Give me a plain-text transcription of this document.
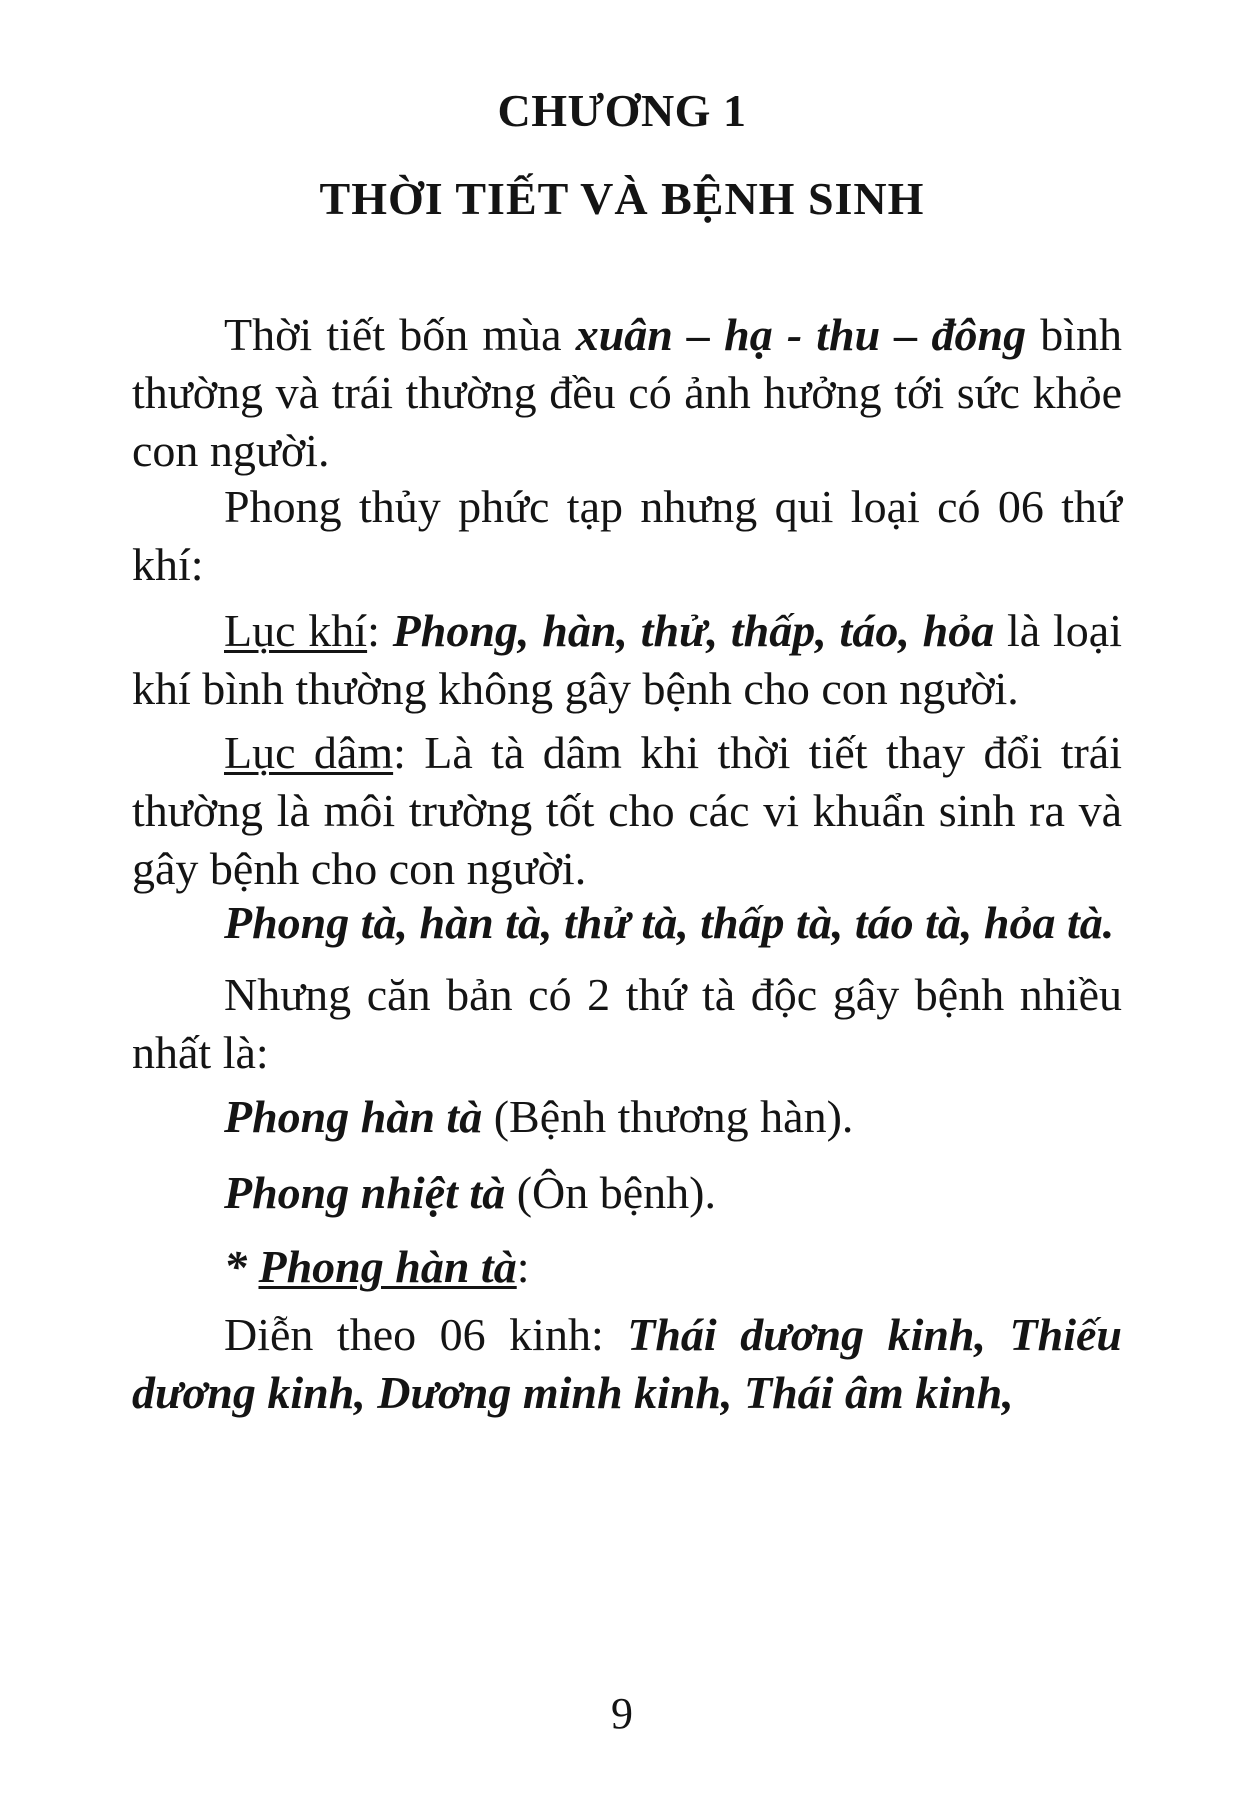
CHƯƠNG 1
THỜI TIẾT VÀ BỆNH SINH

Thời tiết bốn mùa xuân – hạ - thu – đông bình thường và trái thường đều có ảnh hưởng tới sức khỏe con người.

Phong thủy phức tạp nhưng qui loại có 06 thứ khí:

Lục khí: Phong, hàn, thử, thấp, táo, hỏa là loại khí bình thường không gây bệnh cho con người.

Lục dâm: Là tà dâm khi thời tiết thay đổi trái thường là môi trường tốt cho các vi khuẩn sinh ra và gây bệnh cho con người.

Phong tà, hàn tà, thử tà, thấp tà, táo tà, hỏa tà.

Nhưng căn bản có 2 thứ tà độc gây bệnh nhiều nhất là:

Phong hàn tà (Bệnh thương hàn).

Phong nhiệt tà (Ôn bệnh).

* Phong hàn tà:

Diễn theo 06 kinh: Thái dương kinh, Thiếu dương kinh, Dương minh kinh, Thái âm kinh,

9
